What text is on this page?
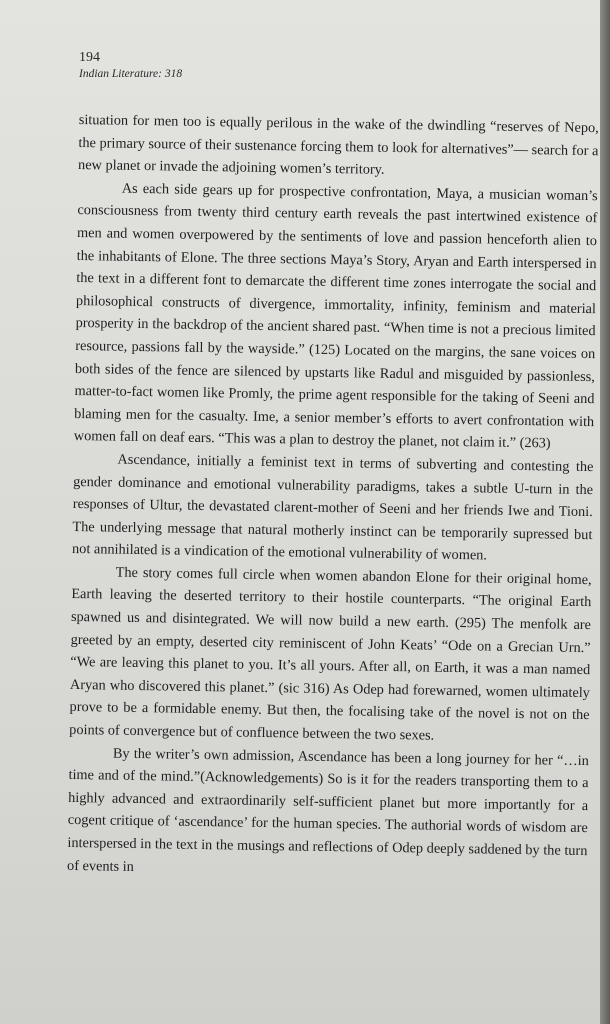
194
Indian Literature: 318

situation for men too is equally perilous in the wake of the dwindling “reserves of Nepo, the primary source of their sustenance forcing them to look for alternatives”— search for a new planet or invade the adjoining women’s territory.

As each side gears up for prospective confrontation, Maya, a musician woman’s consciousness from twenty third century earth reveals the past intertwined existence of men and women overpowered by the sentiments of love and passion henceforth alien to the inhabitants of Elone. The three sections Maya’s Story, Aryan and Earth interspersed in the text in a different font to demarcate the different time zones interrogate the social and philosophical constructs of divergence, immortality, infinity, feminism and material prosperity in the backdrop of the ancient shared past. “When time is not a precious limited resource, passions fall by the wayside.” (125) Located on the margins, the sane voices on both sides of the fence are silenced by upstarts like Radul and misguided by passionless, matter-to-fact women like Promly, the prime agent responsible for the taking of Seeni and blaming men for the casualty. Ime, a senior member’s efforts to avert confrontation with women fall on deaf ears. “This was a plan to destroy the planet, not claim it.” (263)

Ascendance, initially a feminist text in terms of subverting and contesting the gender dominance and emotional vulnerability paradigms, takes a subtle U-turn in the responses of Ultur, the devastated clarent-mother of Seeni and her friends Iwe and Tioni. The underlying message that natural motherly instinct can be temporarily supressed but not annihilated is a vindication of the emotional vulnerability of women.

The story comes full circle when women abandon Elone for their original home, Earth leaving the deserted territory to their hostile counterparts. “The original Earth spawned us and disintegrated. We will now build a new earth. (295) The menfolk are greeted by an empty, deserted city reminiscent of John Keats’ “Ode on a Grecian Urn.” “We are leaving this planet to you. It’s all yours. After all, on Earth, it was a man named Aryan who discovered this planet.” (sic 316) As Odep had forewarned, women ultimately prove to be a formidable enemy. But then, the focalising take of the novel is not on the points of convergence but of confluence between the two sexes.

By the writer’s own admission, Ascendance has been a long journey for her “…in time and of the mind.”(Acknowledgements) So is it for the readers transporting them to a highly advanced and extraordinarily self-sufficient planet but more importantly for a cogent critique of ‘ascendance’ for the human species. The authorial words of wisdom are interspersed in the text in the musings and reflections of Odep deeply saddened by the turn of events in
